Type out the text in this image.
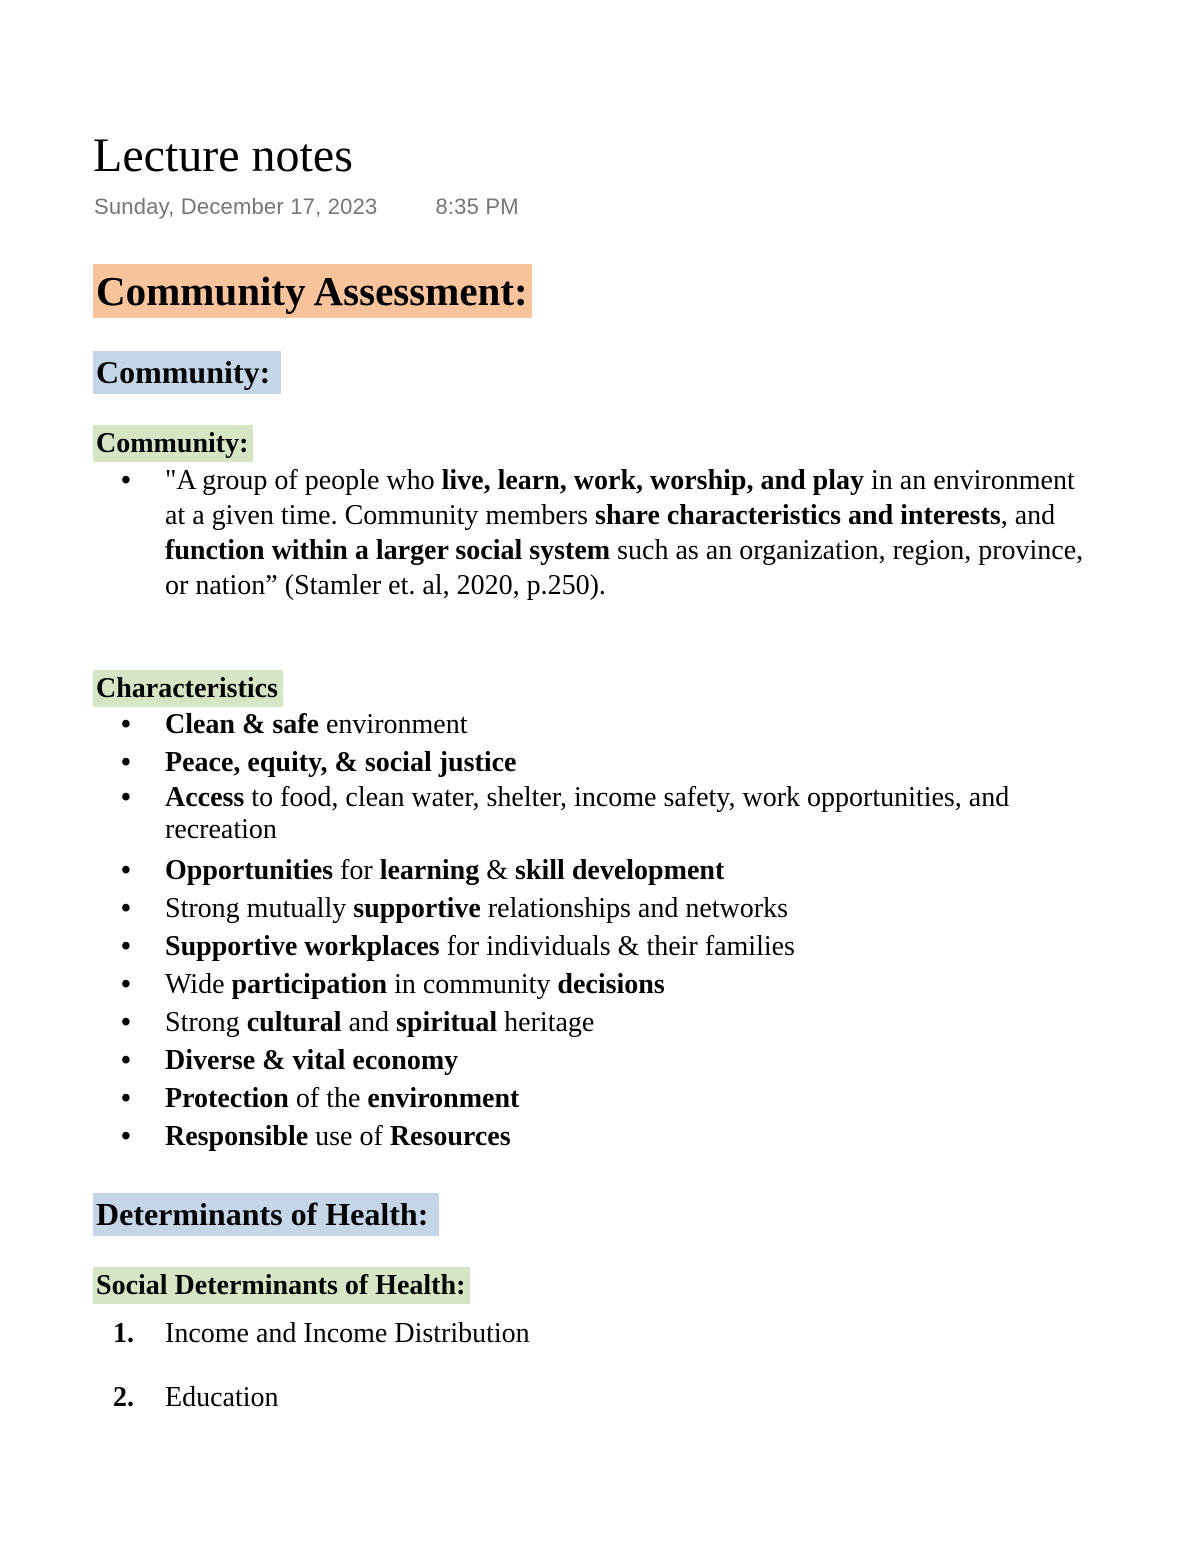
Lecture notes
Sunday, December 17, 2023	8:35 PM
Community Assessment:
Community:
Community:
• "A group of people who live, learn, work, worship, and play in an environment at a given time. Community members share characteristics and interests, and function within a larger social system such as an organization, region, province, or nation” (Stamler et. al, 2020, p.250).
Characteristics
• Clean & safe environment
• Peace, equity, & social justice
• Access to food, clean water, shelter, income safety, work opportunities, and recreation
• Opportunities for learning & skill development
• Strong mutually supportive relationships and networks
• Supportive workplaces for individuals & their families
• Wide participation in community decisions
• Strong cultural and spiritual heritage
• Diverse & vital economy
• Protection of the environment
• Responsible use of Resources
Determinants of Health:
Social Determinants of Health:
1. Income and Income Distribution
2. Education
